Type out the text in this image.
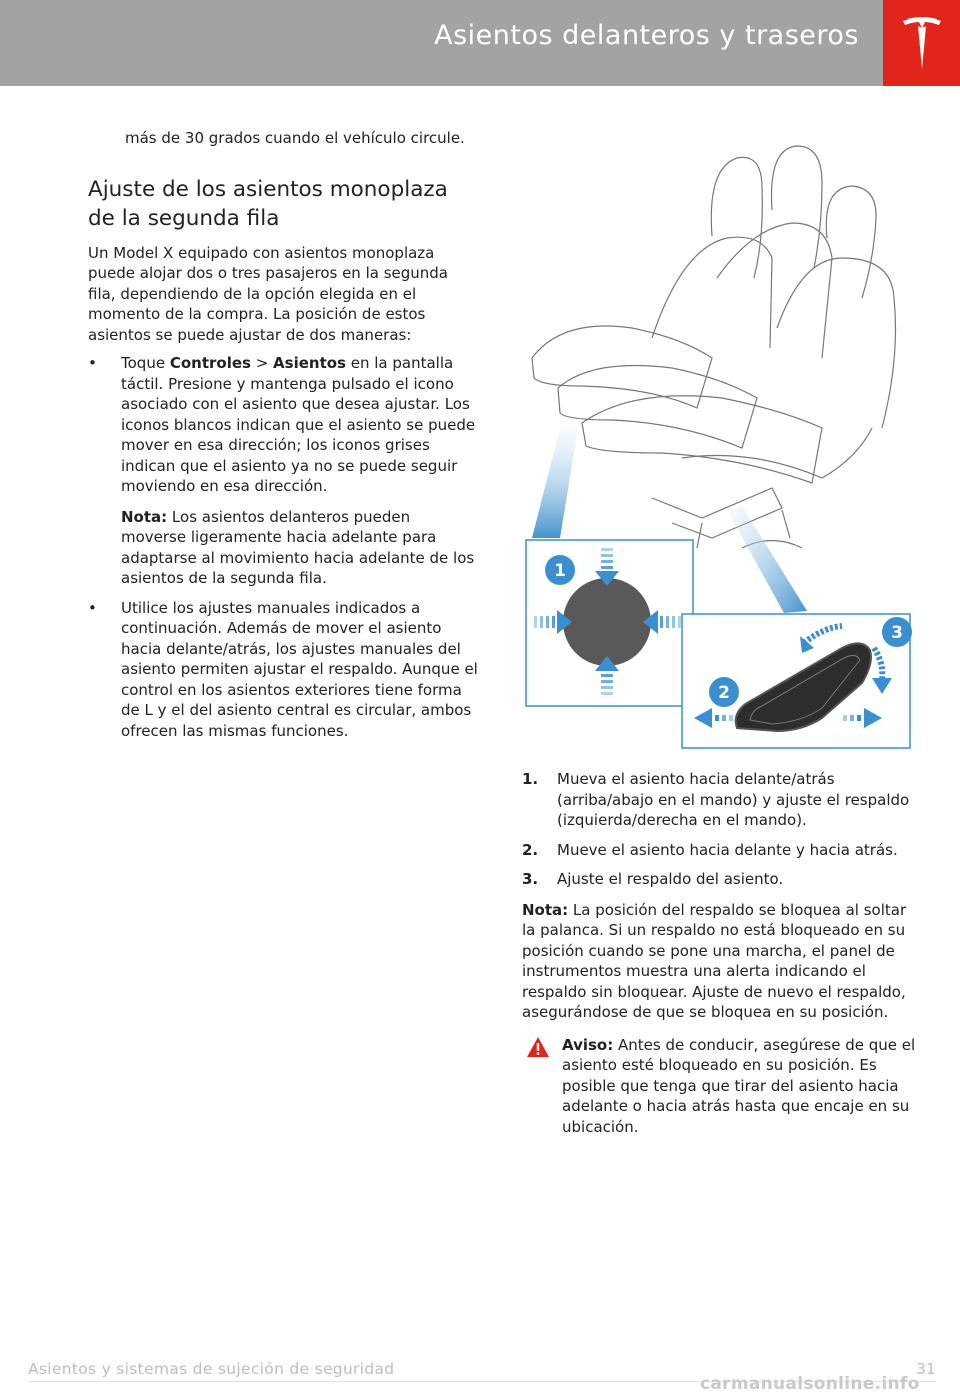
Asientos delanteros y traseros

más de 30 grados cuando el vehículo circule.

Ajuste de los asientos monoplaza de la segunda fila

Un Model X equipado con asientos monoplaza puede alojar dos o tres pasajeros en la segunda fila, dependiendo de la opción elegida en el momento de la compra. La posición de estos asientos se puede ajustar de dos maneras:

• Toque Controles > Asientos en la pantalla táctil. Presione y mantenga pulsado el icono asociado con el asiento que desea ajustar. Los iconos blancos indican que el asiento se puede mover en esa dirección; los iconos grises indican que el asiento ya no se puede seguir moviendo en esa dirección.
Nota: Los asientos delanteros pueden moverse ligeramente hacia adelante para adaptarse al movimiento hacia adelante de los asientos de la segunda fila.
• Utilice los ajustes manuales indicados a continuación. Además de mover el asiento hacia delante/atrás, los ajustes manuales del asiento permiten ajustar el respaldo. Aunque el control en los asientos exteriores tiene forma de L y el del asiento central es circular, ambos ofrecen las mismas funciones.
1
3
2
1. Mueva el asiento hacia delante/atrás (arriba/abajo en el mando) y ajuste el respaldo (izquierda/derecha en el mando).
2. Mueve el asiento hacia delante y hacia atrás.
3. Ajuste el respaldo del asiento.

Nota: La posición del respaldo se bloquea al soltar la palanca. Si un respaldo no está bloqueado en su posición cuando se pone una marcha, el panel de instrumentos muestra una alerta indicando el respaldo sin bloquear. Ajuste de nuevo el respaldo, asegurándose de que se bloquea en su posición.

Aviso: Antes de conducir, asegúrese de que el asiento esté bloqueado en su posición. Es posible que tenga que tirar del asiento hacia adelante o hacia atrás hasta que encaje en su ubicación.
Asientos y sistemas de sujeción de seguridad	31
carmanualsonline.info
